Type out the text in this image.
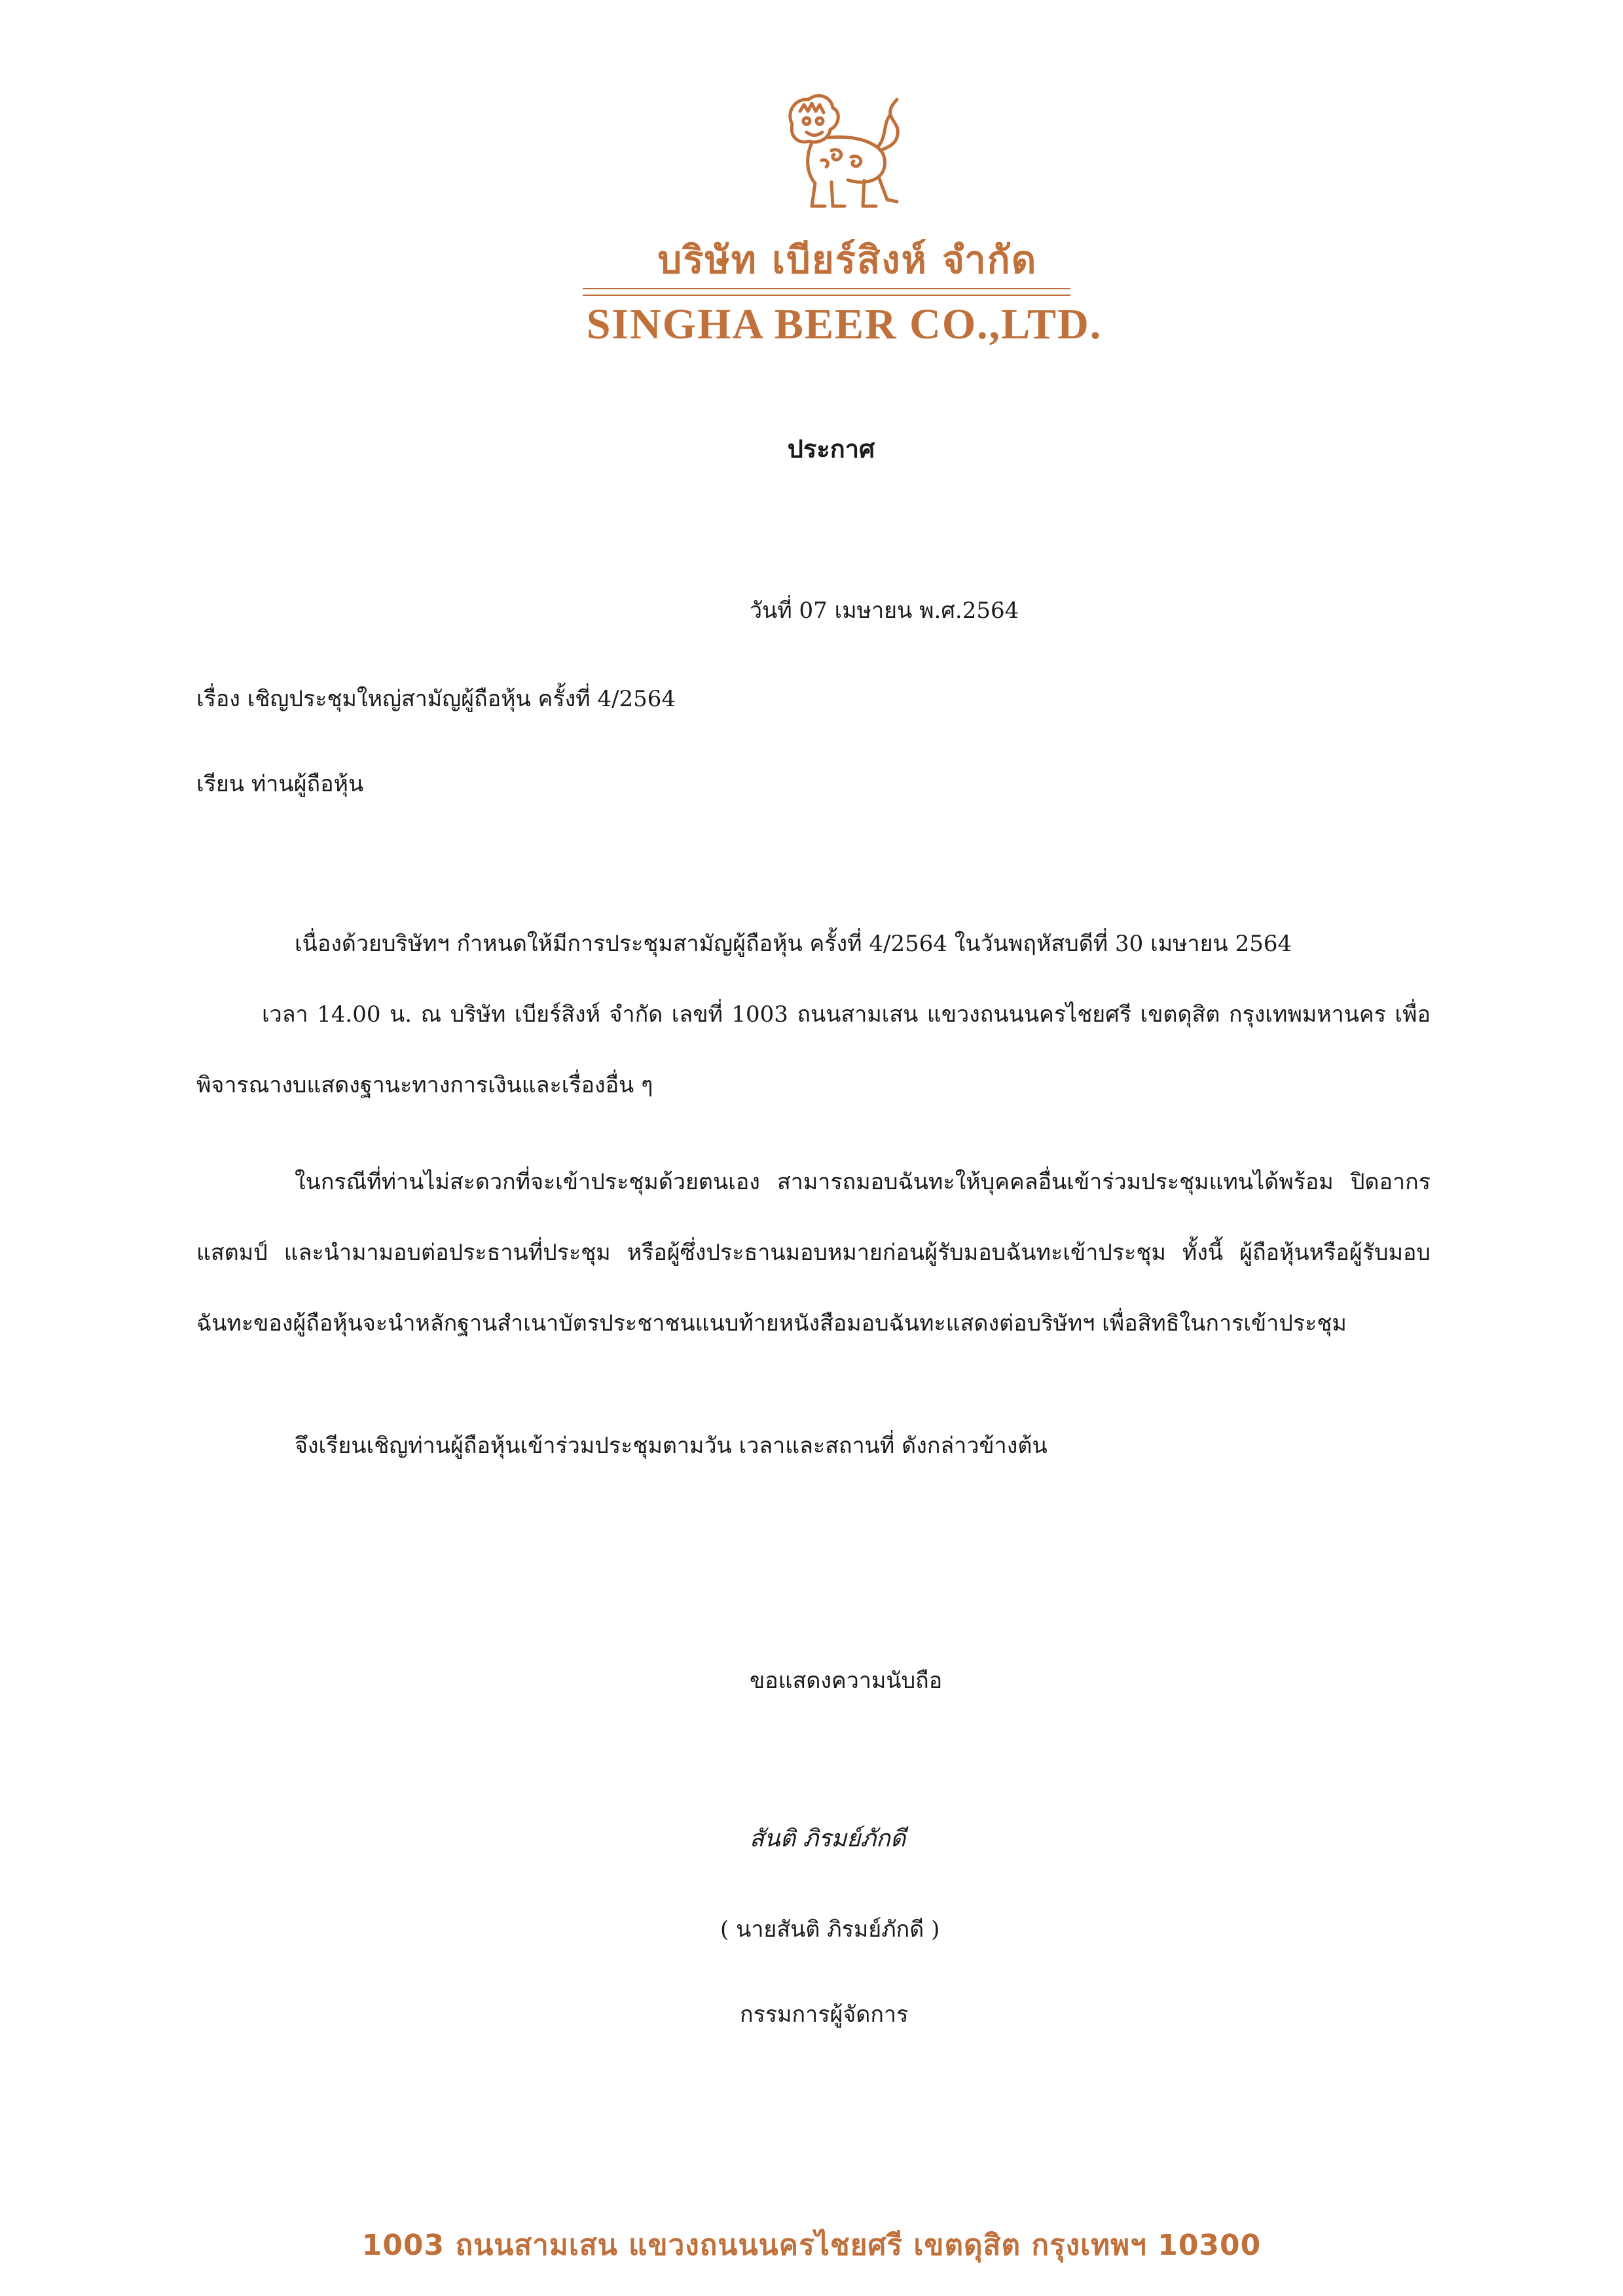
บริษัท เบียร์สิงห์ จำกัด
SINGHA BEER CO.,LTD.
ประกาศ
วันที่ 07 เมษายน พ.ศ.2564
เรื่อง เชิญประชุมใหญ่สามัญผู้ถือหุ้น ครั้งที่ 4/2564
เรียน ท่านผู้ถือหุ้น
เนื่องด้วยบริษัทฯ กำหนดให้มีการประชุมสามัญผู้ถือหุ้น ครั้งที่ 4/2564 ในวันพฤหัสบดีที่ 30 เมษายน 2564
เวลา 14.00 น. ณ บริษัท เบียร์สิงห์ จำกัด เลขที่ 1003 ถนนสามเสน แขวงถนนนครไชยศรี เขตดุสิต กรุงเทพมหานคร เพื่อพิจารณางบแสดงฐานะทางการเงินและเรื่องอื่น ๆ
ในกรณีที่ท่านไม่สะดวกที่จะเข้าประชุมด้วยตนเอง สามารถมอบฉันทะให้บุคคลอื่นเข้าร่วมประชุมแทนได้พร้อม ปิดอากรแสตมป์ และนำมามอบต่อประธานที่ประชุม หรือผู้ซึ่งประธานมอบหมายก่อนผู้รับมอบฉันทะเข้าประชุม ทั้งนี้ ผู้ถือหุ้นหรือผู้รับมอบฉันทะของผู้ถือหุ้นจะนำหลักฐานสำเนาบัตรประชาชนแนบท้ายหนังสือมอบฉันทะแสดงต่อบริษัทฯ เพื่อสิทธิในการเข้าประชุม
จึงเรียนเชิญท่านผู้ถือหุ้นเข้าร่วมประชุมตามวัน เวลาและสถานที่ ดังกล่าวข้างต้น
ขอแสดงความนับถือ
สันติ ภิรมย์ภักดี
( นายสันติ ภิรมย์ภักดี )
กรรมการผู้จัดการ
1003 ถนนสามเสน แขวงถนนนครไชยศรี เขตดุสิต กรุงเทพฯ 10300
